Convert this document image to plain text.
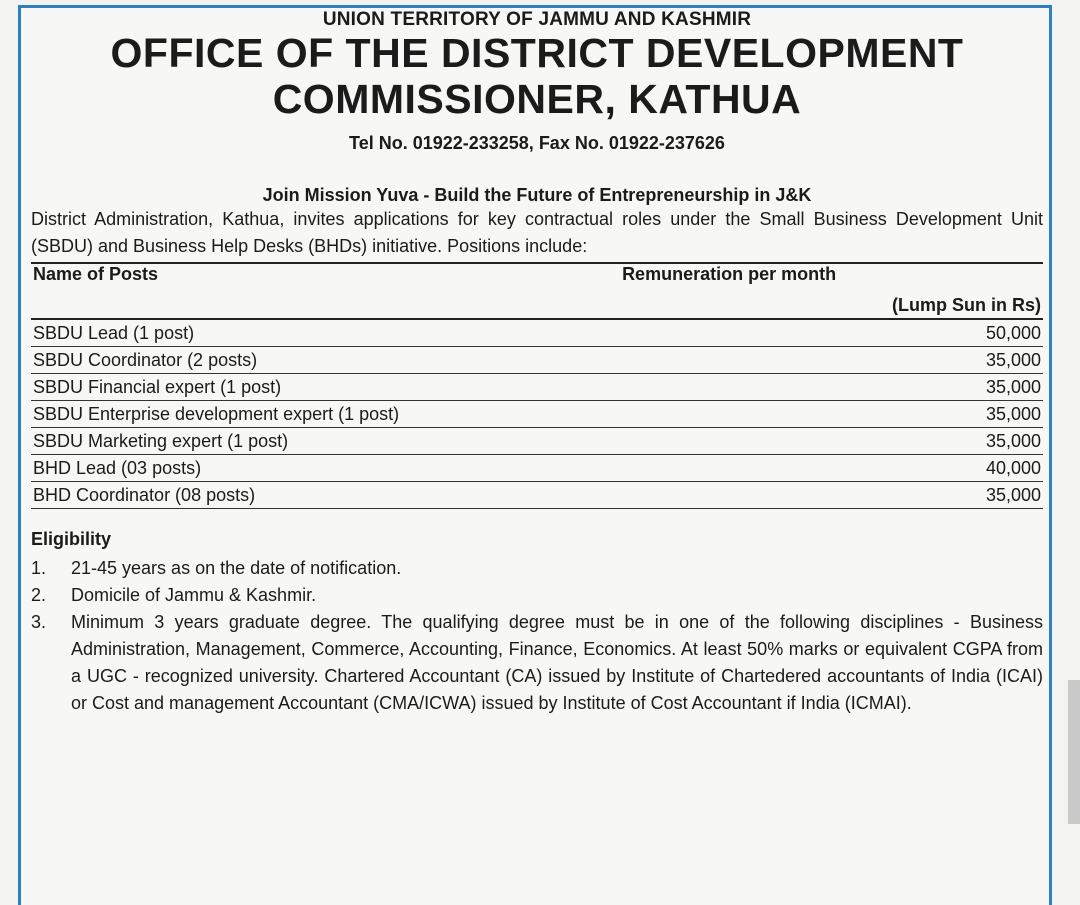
UNION TERRITORY OF JAMMU AND KASHMIR
OFFICE OF THE DISTRICT DEVELOPMENT
COMMISSIONER, KATHUA
Tel No. 01922-233258, Fax No. 01922-237626
Join Mission Yuva - Build the Future of Entrepreneurship in J&K
District Administration, Kathua, invites applications for key contractual roles under the Small Business Development Unit (SBDU) and Business Help Desks (BHDs) initiative. Positions include:
Name of Posts	Remuneration per month
	(Lump Sun in Rs)
SBDU Lead (1 post)	50,000
SBDU Coordinator (2 posts)	35,000
SBDU Financial expert (1 post)	35,000
SBDU Enterprise development expert (1 post)	35,000
SBDU Marketing expert (1 post)	35,000
BHD Lead (03 posts)	40,000
BHD Coordinator (08 posts)	35,000
Eligibility
1.	21-45 years as on the date of notification.
2.	Domicile of Jammu & Kashmir.
3.	Minimum 3 years graduate degree. The qualifying degree must be in one of the following disciplines - Business Administration, Management, Commerce, Accounting, Finance, Economics. At least 50% marks or equivalent CGPA from a UGC - recognized university. Chartered Accountant (CA) issued by Institute of Chartedered accountants of India (ICAI) or Cost and management Accountant (CMA/ICWA) issued by Institute of Cost Accountant if India (ICMAI).
